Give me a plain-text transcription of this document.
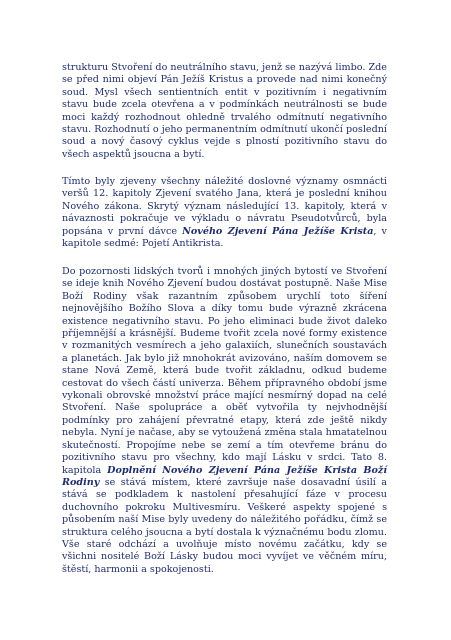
strukturu Stvoření do neutrálního stavu, jenž se nazývá limbo. Zde se před nimi objeví Pán Ježíš Kristus a provede nad nimi konečný soud. Mysl všech sentientních entit v pozitivním i negativním stavu bude zcela otevřena a v podmínkách neutrálnosti se bude moci každý rozhodnout ohledně trvalého odmítnutí negativního stavu. Rozhodnutí o jeho permanentním odmítnutí ukončí poslední soud a nový časový cyklus vejde s plností pozitivního stavu do všech aspektů jsoucna a bytí.

Tímto byly zjeveny všechny náležité doslovné významy osmnácti veršů 12. kapitoly Zjevení svatého Jana, která je poslední knihou Nového zákona. Skrytý význam následující 13. kapitoly, která v návaznosti pokračuje ve výkladu o návratu Pseudotvůrců, byla popsána v první dávce Nového Zjevení Pána Ježíše Krista, v kapitole sedmé: Pojetí Antikrista.

Do pozornosti lidských tvorů i mnohých jiných bytostí ve Stvoření se ideje knih Nového Zjevení budou dostávat postupně. Naše Mise Boží Rodiny však razantním způsobem urychlí toto šíření nejnovějšího Božího Slova a díky tomu bude výrazně zkrácena existence negativního stavu. Po jeho eliminaci bude život daleko příjemnější a krásnější. Budeme tvořit zcela nové formy existence v rozmanitých vesmírech a jeho galaxiích, slunečních soustavách a planetách. Jak bylo již mnohokrát avizováno, naším domovem se stane Nová Země, která bude tvořit základnu, odkud budeme cestovat do všech částí univerza. Během přípravného období jsme vykonali obrovské množství práce mající nesmírný dopad na celé Stvoření. Naše spolupráce a oběť vytvořila ty nejvhodnější podmínky pro zahájení převratné etapy, která zde ještě nikdy nebyla. Nyní je načase, aby se vytoužená změna stala hmatatelnou skutečností. Propojíme nebe se zemí a tím otevřeme bránu do pozitivního stavu pro všechny, kdo mají Lásku v srdci. Tato 8. kapitola Doplnění Nového Zjevení Pána Ježíše Krista Boží Rodiny se stává místem, které završuje naše dosavadní úsilí a stává se podkladem k nastolení přesahující fáze v procesu duchovního pokroku Multivesmíru. Veškeré aspekty spojené s působením naší Mise byly uvedeny do náležitého pořádku, čímž se struktura celého jsoucna a bytí dostala k význačnému bodu zlomu. Vše staré odchází a uvolňuje místo novému začátku, kdy se všichni nositelé Boží Lásky budou moci vyvíjet ve věčném míru, štěstí, harmonii a spokojenosti.
